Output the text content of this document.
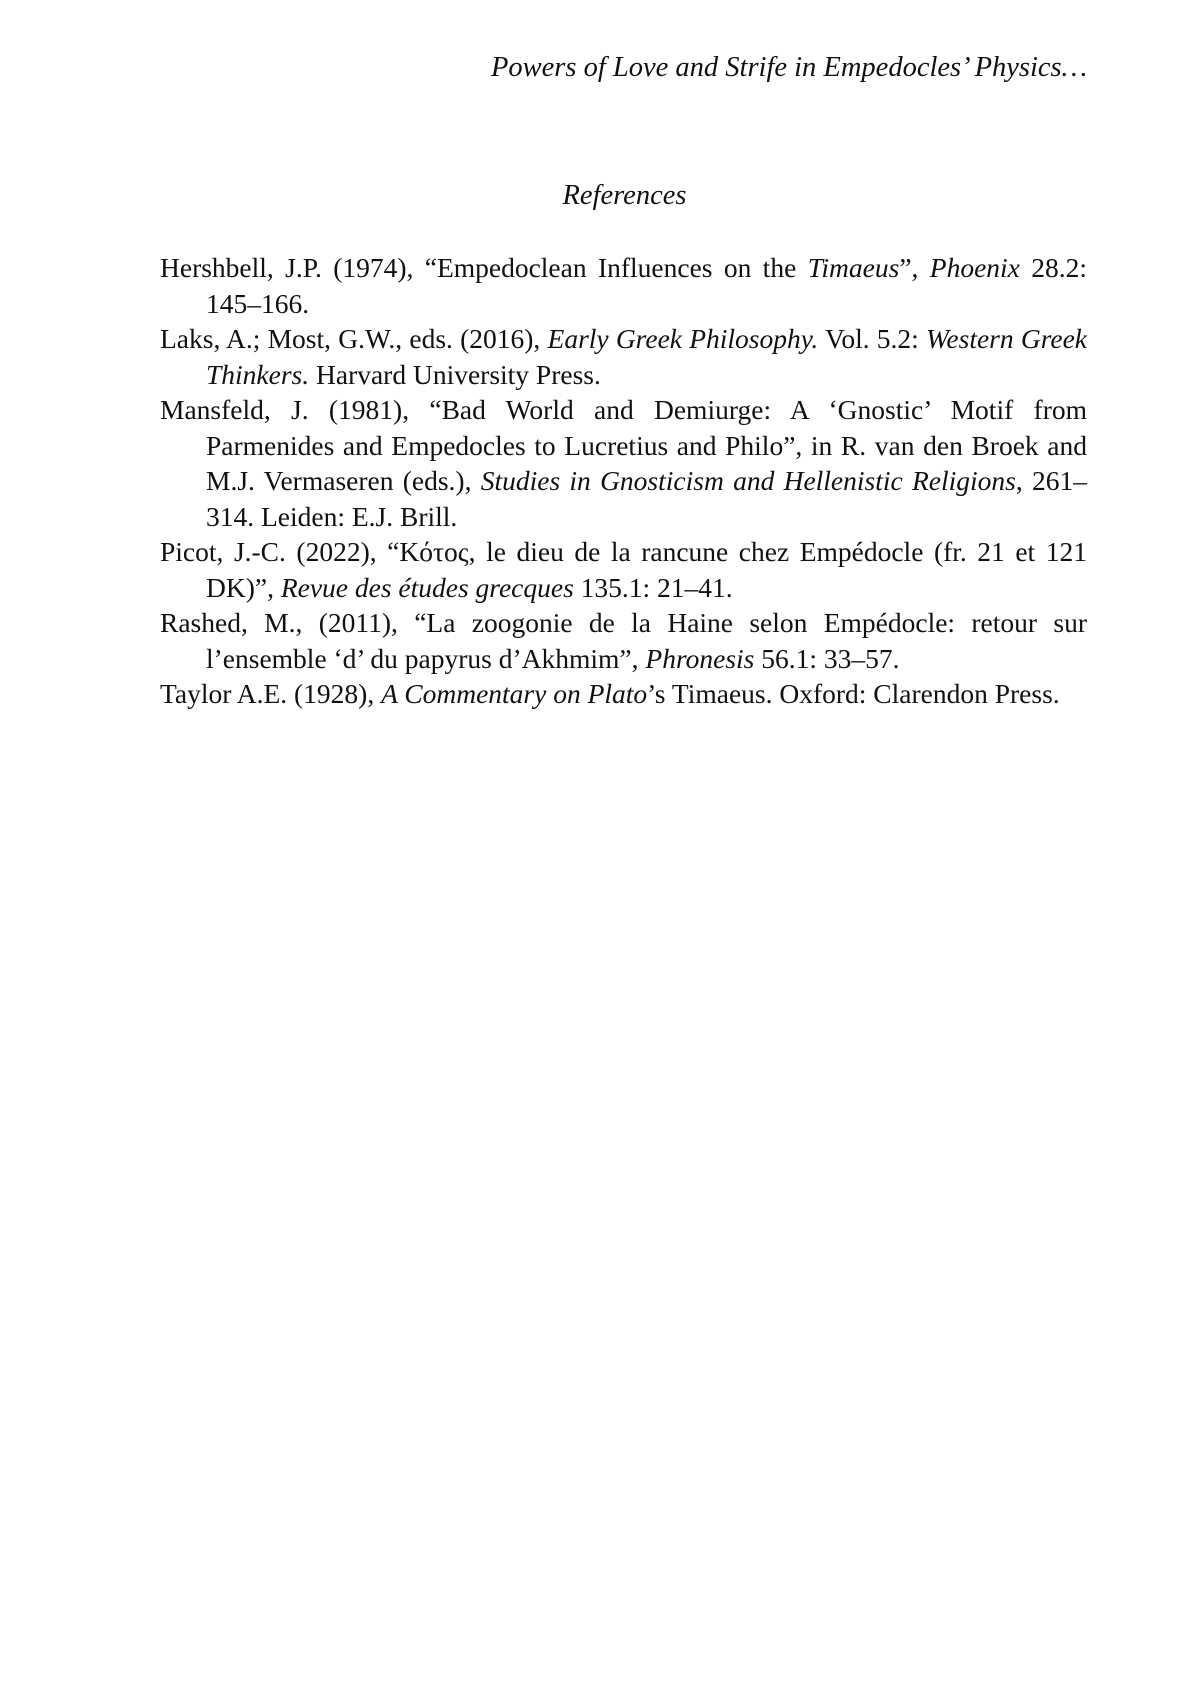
Powers of Love and Strife in Empedocles’ Physics…
References
Hershbell, J.P. (1974), “Empedoclean Influences on the Timaeus”, Phoenix 28.2: 145–166.
Laks, A.; Most, G.W., eds. (2016), Early Greek Philosophy. Vol. 5.2: Western Greek Thinkers. Harvard University Press.
Mansfeld, J. (1981), “Bad World and Demiurge: A ‘Gnostic’ Motif from Parmenides and Empedocles to Lucretius and Philo”, in R. van den Broek and M.J. Vermaseren (eds.), Studies in Gnosticism and Hellenistic Religions, 261–314. Leiden: E.J. Brill.
Picot, J.-C. (2022), “Κότος, le dieu de la rancune chez Empédocle (fr. 21 et 121 DK)”, Revue des études grecques 135.1: 21–41.
Rashed, M., (2011), “La zoogonie de la Haine selon Empédocle: retour sur l’ensemble ‘d’ du papyrus d’Akhmim”, Phronesis 56.1: 33–57.
Taylor A.E. (1928), A Commentary on Plato’s Timaeus. Oxford: Clarendon Press.
